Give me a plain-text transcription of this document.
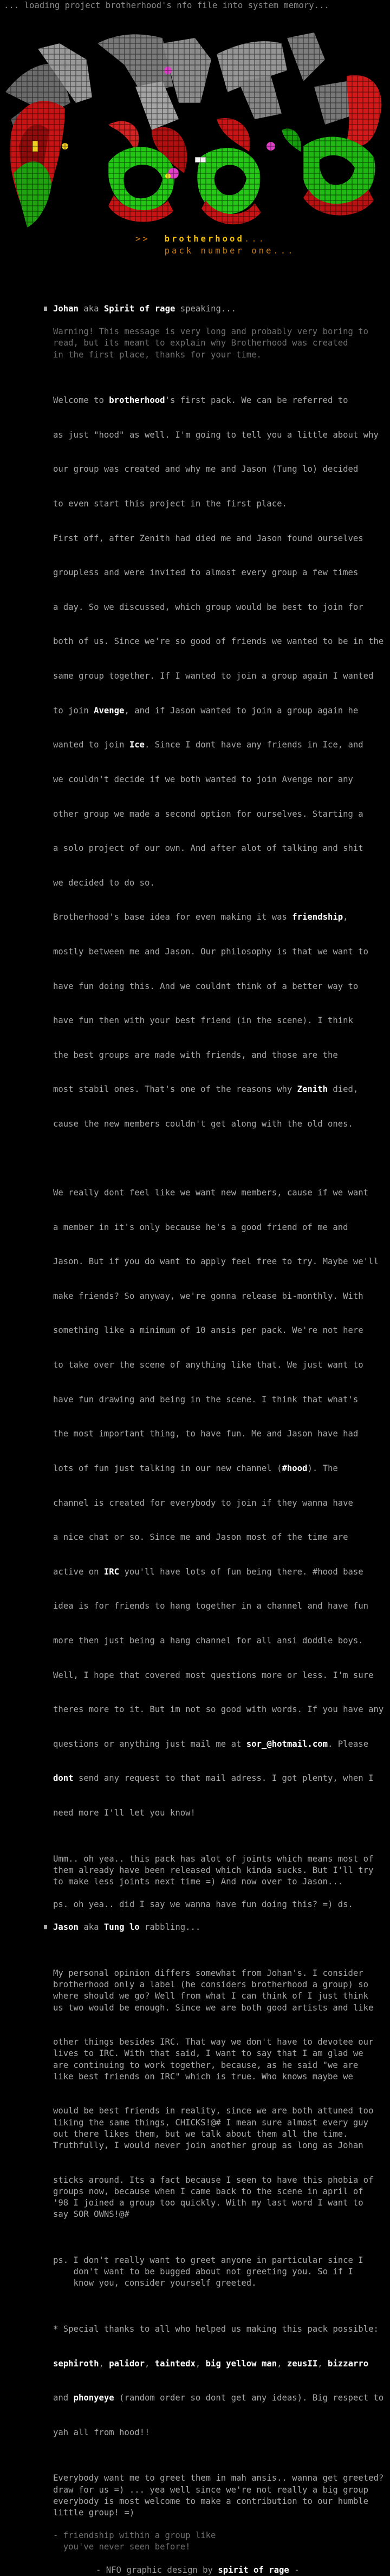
... loading project brotherhood's nfo file into system memory...
>> brotherhood...
pack number one...
Johan aka Spirit of rage speaking...
Warning! This message is very long and probably very boring to
read, but its meant to explain why Brotherhood was created
in the first place, thanks for your time.

Welcome to brotherhood's first pack. We can be referred to

as just "hood" as well. I'm going to tell you a little about why

our group was created and why me and Jason (Tung lo) decided

to even start this project in the first place.

First off, after Zenith had died me and Jason found ourselves

groupless and were invited to almost every group a few times

a day. So we discussed, which group would be best to join for

both of us. Since we're so good of friends we wanted to be in the

same group together. If I wanted to join a group again I wanted

to join Avenge, and if Jason wanted to join a group again he

wanted to join Ice. Since I dont have any friends in Ice, and

we couldn't decide if we both wanted to join Avenge nor any

other group we made a second option for ourselves. Starting a

a solo project of our own. And after alot of talking and shit

we decided to do so.

Brotherhood's base idea for even making it was friendship,

mostly between me and Jason. Our philosophy is that we want to

have fun doing this. And we couldnt think of a better way to

have fun then with your best friend (in the scene). I think

the best groups are made with friends, and those are the

most stabil ones. That's one of the reasons why Zenith died,

cause the new members couldn't get along with the old ones.

We really dont feel like we want new members, cause if we want

a member in it's only because he's a good friend of me and

Jason. But if you do want to apply feel free to try. Maybe we'll

make friends? So anyway, we're gonna release bi-monthly. With

something like a minimum of 10 ansis per pack. We're not here

to take over the scene of anything like that. We just want to

have fun drawing and being in the scene. I think that what's

the most important thing, to have fun. Me and Jason have had

lots of fun just talking in our new channel (#hood). The

channel is created for everybody to join if they wanna have

a nice chat or so. Since me and Jason most of the time are

active on IRC you'll have lots of fun being there. #hood base

idea is for friends to hang together in a channel and have fun

more then just being a hang channel for all ansi doddle boys.

Well, I hope that covered most questions more or less. I'm sure

theres more to it. But im not so good with words. If you have any

questions or anything just mail me at sor_@hotmail.com. Please

dont send any request to that mail adress. I got plenty, when I

need more I'll let you know!

Umm.. oh yea.. this pack has alot of joints which means most of
them already have been released which kinda sucks. But I'll try
to make less joints next time =) And now over to Jason...
ps. oh yea.. did I say we wanna have fun doing this? =) ds.
Jason aka Tung lo rabbling...

My personal opinion differs somewhat from Johan's. I consider
brotherhood only a label (he considers brotherhood a group) so
where should we go? Well from what I can think of I just think
us two would be enough. Since we are both good artists and like

other things besides IRC. That way we don't have to devotee our
lives to IRC. With that said, I want to say that I am glad we
are continuing to work together, because, as he said "we are
like best friends on IRC" which is true. Who knows maybe we

would be best friends in reality, since we are both attuned too
liking the same things, CHICKS!@# I mean sure almost every guy
out there likes them, but we talk about them all the time.
Truthfully, I would never join another group as long as Johan

sticks around. Its a fact because I seen to have this phobia of
groups now, because when I came back to the scene in april of
'98 I joined a group too quickly. With my last word I want to
say SOR OWNS!@#

ps. I don't really want to greet anyone in particular since I
don't want to be bugged about not greeting you. So if I
know you, consider yourself greeted.

* Special thanks to all who helped us making this pack possible:

sephiroth, palidor, taintedx, big yellow man, zeusII, bizzarro

and phonyeye (random order so dont get any ideas). Big respect to

yah all from hood!!

Everybody want me to greet them in mah ansis.. wanna get greeted?
draw for us =) ... yea well since we're not really a big group
everybody is most welcome to make a contribution to our humble
little group! =)
- friendship within a group like
you've never seen before!
- NFO graphic design by spirit of rage -
